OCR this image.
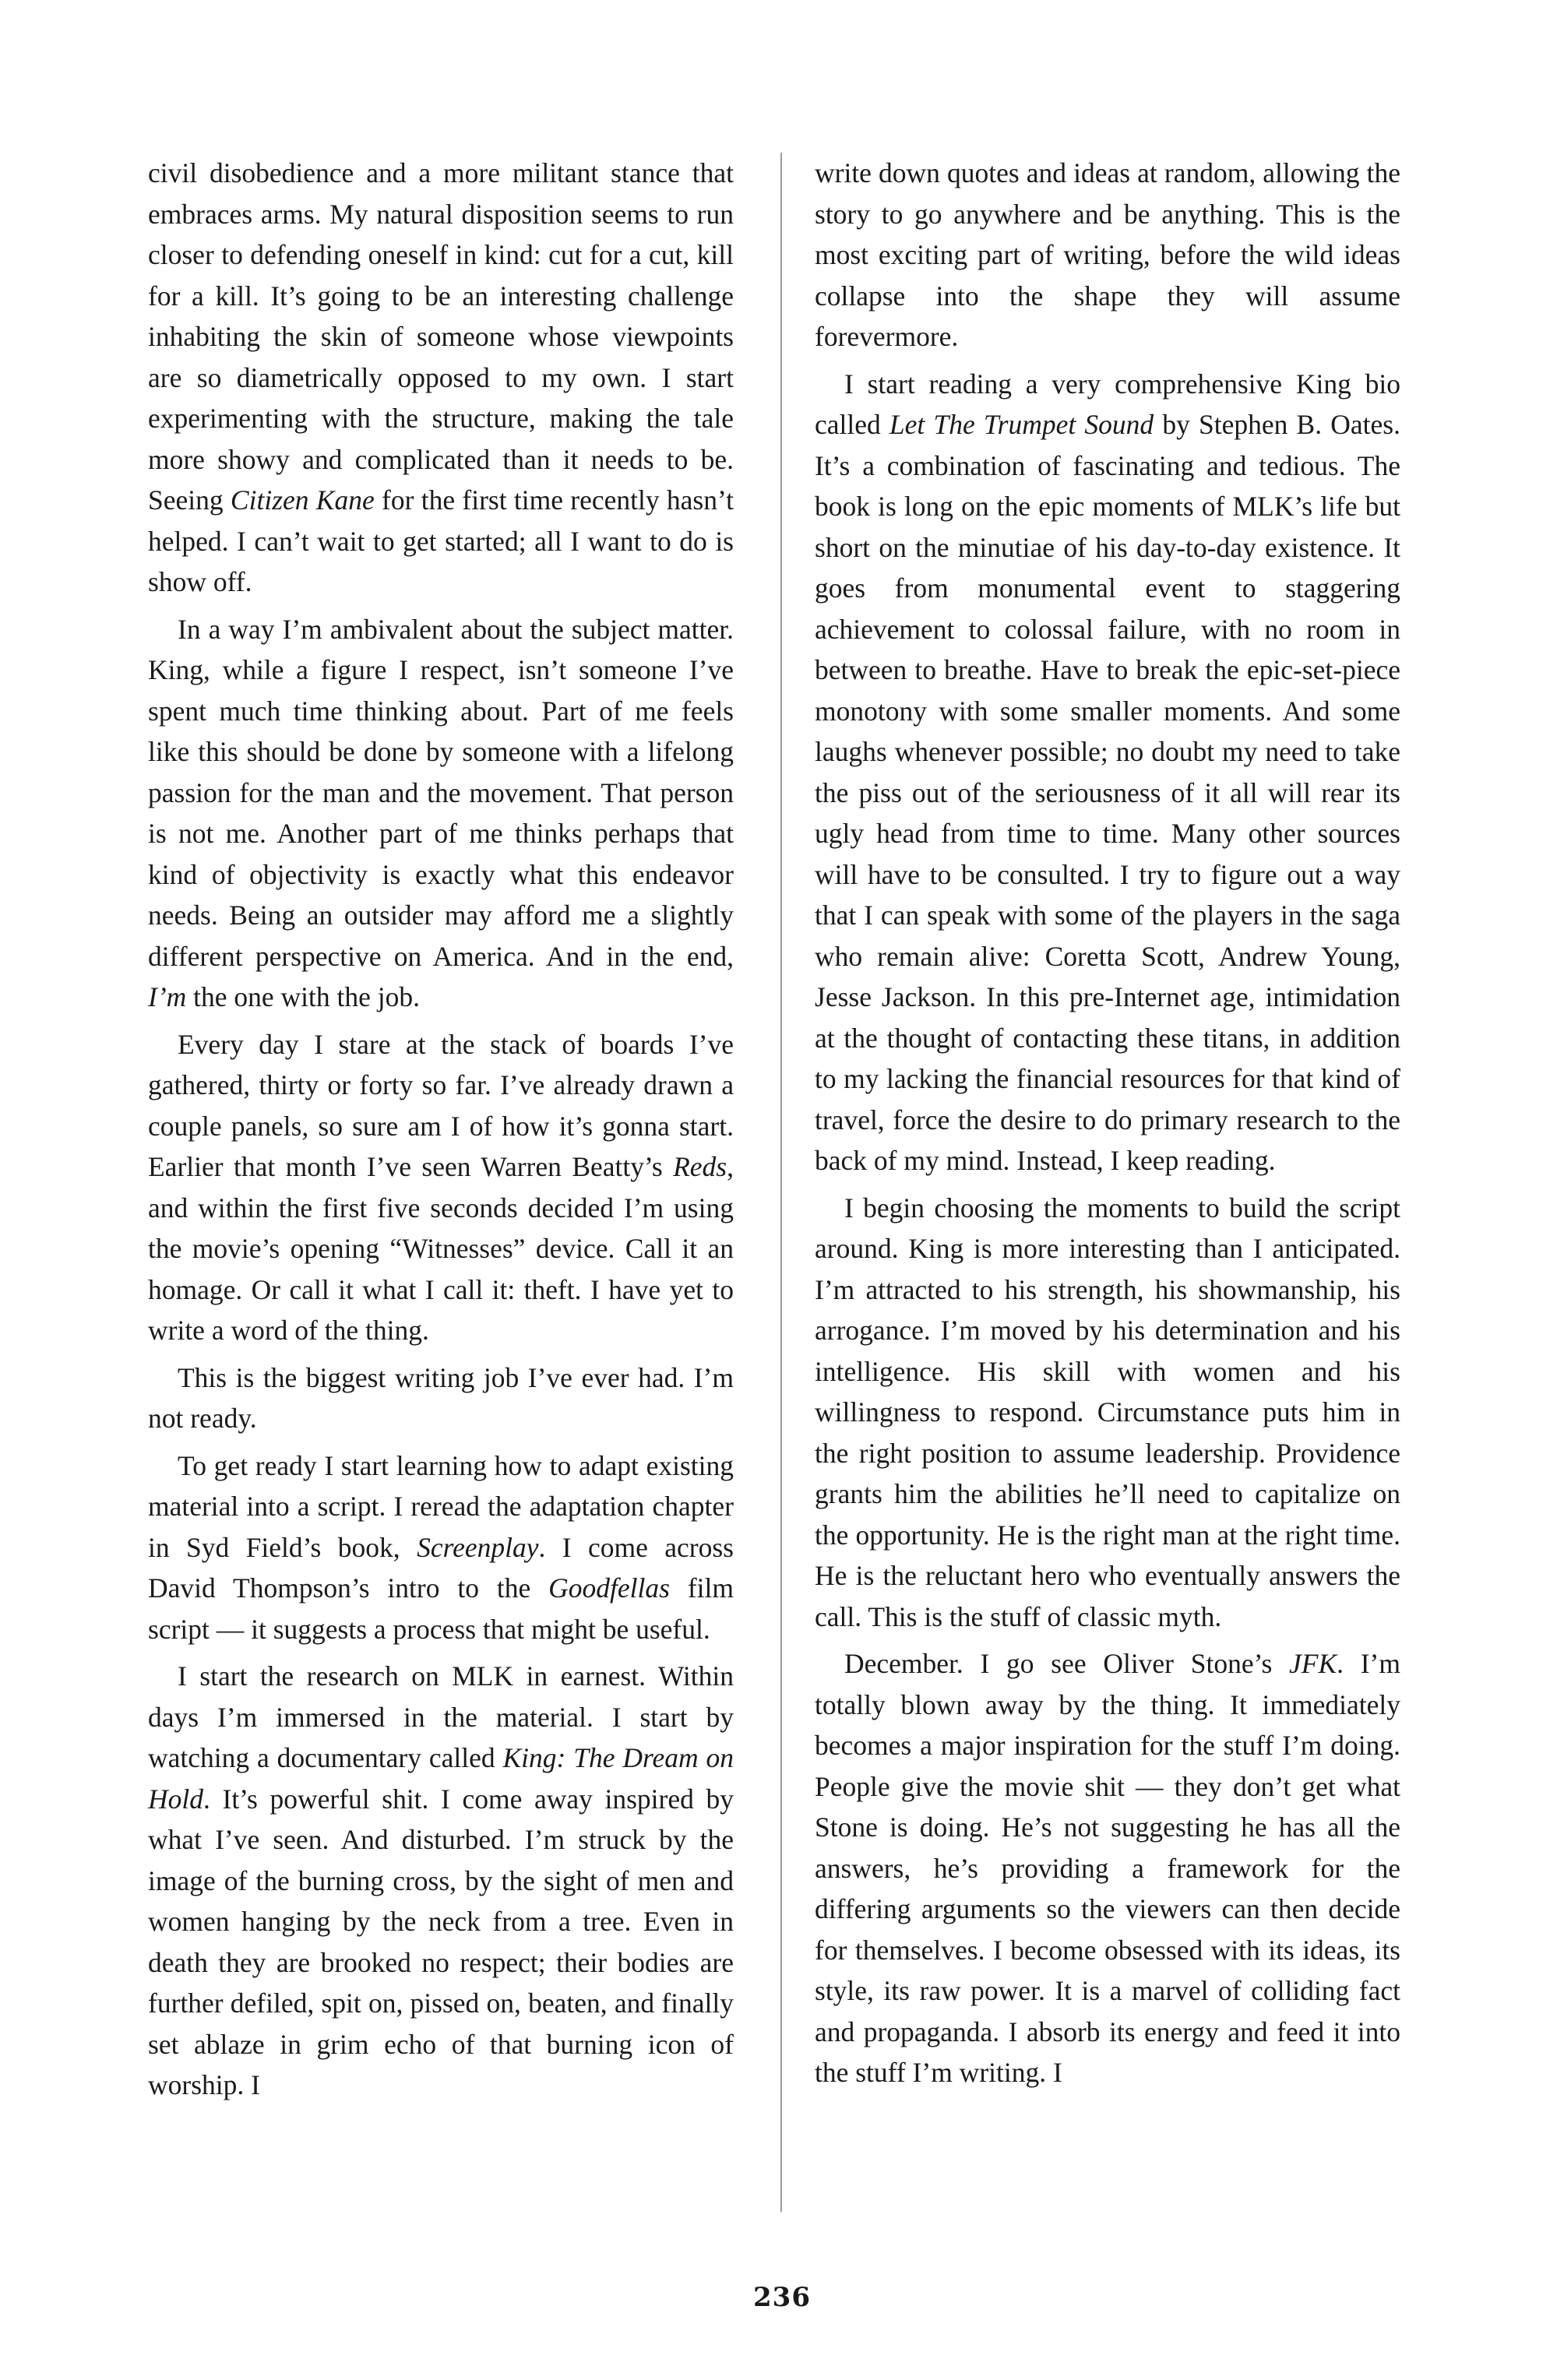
civil disobedience and a more militant stance that embraces arms. My natural disposition seems to run closer to defending oneself in kind: cut for a cut, kill for a kill. It’s going to be an interesting challenge inhabiting the skin of someone whose viewpoints are so diametrically opposed to my own. I start experimenting with the structure, making the tale more showy and complicated than it needs to be. Seeing Citizen Kane for the first time recently hasn’t helped. I can’t wait to get started; all I want to do is show off.

In a way I’m ambivalent about the subject matter. King, while a figure I respect, isn’t someone I’ve spent much time thinking about. Part of me feels like this should be done by someone with a lifelong passion for the man and the movement. That person is not me. Another part of me thinks perhaps that kind of objectivity is exactly what this endeavor needs. Being an outsider may afford me a slightly different perspective on America. And in the end, I’m the one with the job.

Every day I stare at the stack of boards I’ve gathered, thirty or forty so far. I’ve already drawn a couple panels, so sure am I of how it’s gonna start. Earlier that month I’ve seen Warren Beatty’s Reds, and within the first five seconds decided I’m using the movie’s opening “Witnesses” device. Call it an homage. Or call it what I call it: theft. I have yet to write a word of the thing.

This is the biggest writing job I’ve ever had. I’m not ready.

To get ready I start learning how to adapt existing material into a script. I reread the adaptation chapter in Syd Field’s book, Screenplay. I come across David Thompson’s intro to the Goodfellas film script — it suggests a process that might be useful.

I start the research on MLK in earnest. Within days I’m immersed in the material. I start by watching a documentary called King: The Dream on Hold. It’s powerful shit. I come away inspired by what I’ve seen. And disturbed. I’m struck by the image of the burning cross, by the sight of men and women hanging by the neck from a tree. Even in death they are brooked no respect; their bodies are further defiled, spit on, pissed on, beaten, and finally set ablaze in grim echo of that burning icon of worship. I

write down quotes and ideas at random, allowing the story to go anywhere and be anything. This is the most exciting part of writing, before the wild ideas collapse into the shape they will assume forevermore.

I start reading a very comprehensive King bio called Let The Trumpet Sound by Stephen B. Oates. It’s a combination of fascinating and tedious. The book is long on the epic moments of MLK’s life but short on the minutiae of his day-to-day existence. It goes from monumental event to staggering achievement to colossal failure, with no room in between to breathe. Have to break the epic-set-piece monotony with some smaller moments. And some laughs whenever possible; no doubt my need to take the piss out of the seriousness of it all will rear its ugly head from time to time. Many other sources will have to be consulted. I try to figure out a way that I can speak with some of the players in the saga who remain alive: Coretta Scott, Andrew Young, Jesse Jackson. In this pre-Internet age, intimidation at the thought of contacting these titans, in addition to my lacking the financial resources for that kind of travel, force the desire to do primary research to the back of my mind. Instead, I keep reading.

I begin choosing the moments to build the script around. King is more interesting than I anticipated. I’m attracted to his strength, his showmanship, his arrogance. I’m moved by his determination and his intelligence. His skill with women and his willingness to respond. Circumstance puts him in the right position to assume leadership. Providence grants him the abilities he’ll need to capitalize on the opportunity. He is the right man at the right time. He is the reluctant hero who eventually answers the call. This is the stuff of classic myth.

December. I go see Oliver Stone’s JFK. I’m totally blown away by the thing. It immediately becomes a major inspiration for the stuff I’m doing. People give the movie shit — they don’t get what Stone is doing. He’s not suggesting he has all the answers, he’s providing a framework for the differing arguments so the viewers can then decide for themselves. I become obsessed with its ideas, its style, its raw power. It is a marvel of colliding fact and propaganda. I absorb its energy and feed it into the stuff I’m writing. I

236
